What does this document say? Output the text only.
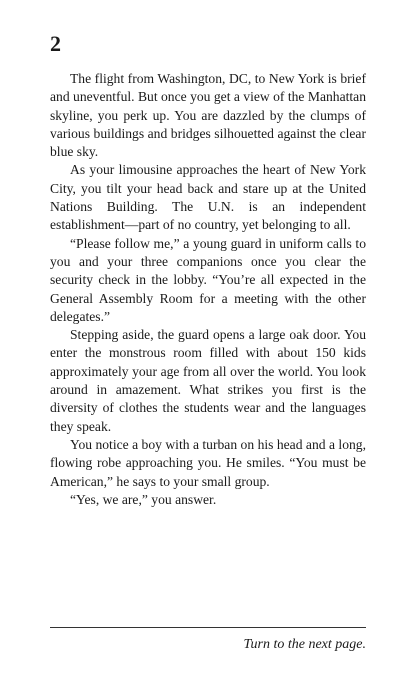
2

The flight from Washington, DC, to New York is brief and uneventful. But once you get a view of the Manhattan skyline, you perk up. You are dazzled by the clumps of various buildings and bridges silhouetted against the clear blue sky.

As your limousine approaches the heart of New York City, you tilt your head back and stare up at the United Nations Building. The U.N. is an independent establishment—part of no country, yet belonging to all.

“Please follow me,” a young guard in uniform calls to you and your three companions once you clear the security check in the lobby. “You’re all expected in the General Assembly Room for a meeting with the other delegates.”

Stepping aside, the guard opens a large oak door. You enter the monstrous room filled with about 150 kids approximately your age from all over the world. You look around in amazement. What strikes you first is the diversity of clothes the students wear and the languages they speak.

You notice a boy with a turban on his head and a long, flowing robe approaching you. He smiles. “You must be American,” he says to your small group.

“Yes, we are,” you answer.

Turn to the next page.
